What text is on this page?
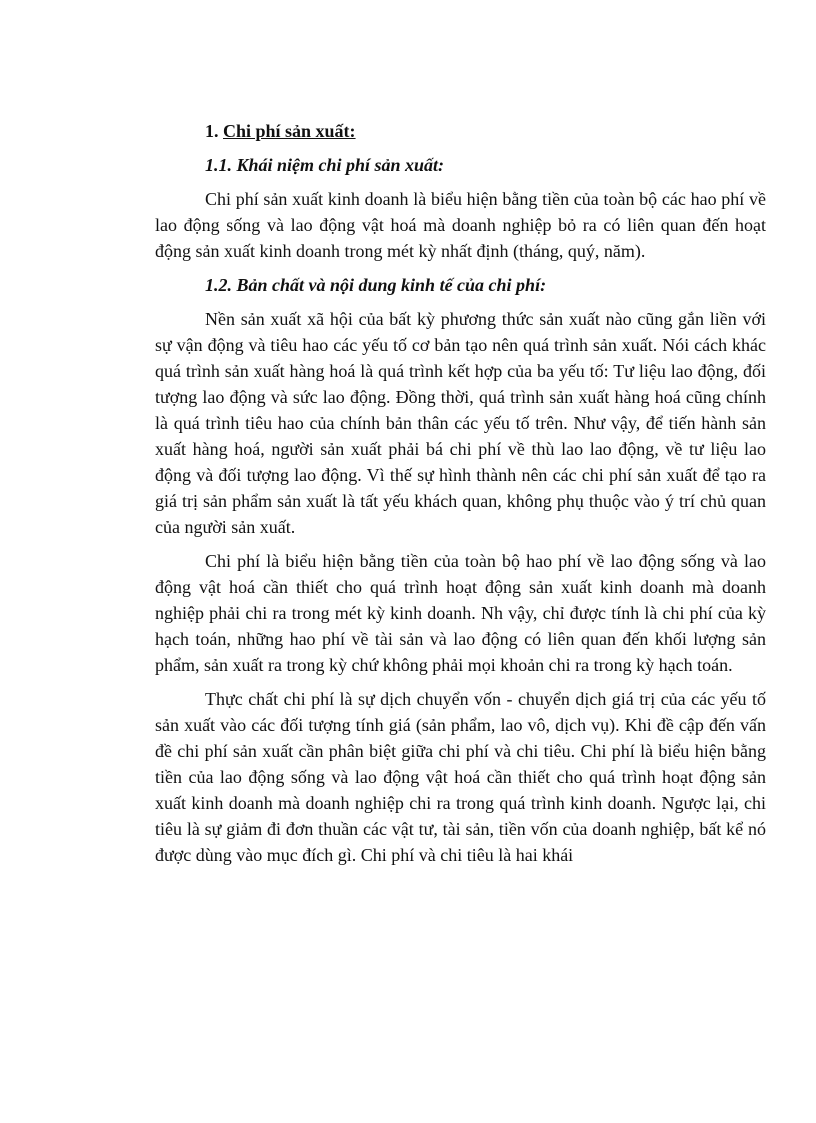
1. Chi phí sản xuất:
1.1. Khái niệm chi phí sản xuất:

Chi phí sản xuất kinh doanh là biểu hiện bằng tiền của toàn bộ các hao phí về lao động sống và lao động vật hoá mà doanh nghiệp bỏ ra có liên quan đến hoạt động sản xuất kinh doanh trong mét kỳ nhất định (tháng, quý, năm).

1.2. Bản chất và nội dung kinh tế của chi phí:

Nền sản xuất xã hội của bất kỳ phương thức sản xuất nào cũng gắn liền với sự vận động và tiêu hao các yếu tố cơ bản tạo nên quá trình sản xuất. Nói cách khác quá trình sản xuất hàng hoá là quá trình kết hợp của ba yếu tố: Tư liệu lao động, đối tượng lao động và sức lao động. Đồng thời, quá trình sản xuất hàng hoá cũng chính là quá trình tiêu hao của chính bản thân các yếu tố trên. Như vậy, để tiến hành sản xuất hàng hoá, người sản xuất phải bá chi phí về thù lao lao động, về tư liệu lao động và đối tượng lao động. Vì thế sự hình thành nên các chi phí sản xuất để tạo ra giá trị sản phẩm sản xuất là tất yếu khách quan, không phụ thuộc vào ý trí chủ quan của người sản xuất.

Chi phí là biểu hiện bằng tiền của toàn bộ hao phí về lao động sống và lao động vật hoá cần thiết cho quá trình hoạt động sản xuất kinh doanh mà doanh nghiệp phải chi ra trong mét kỳ kinh doanh. Nh vậy, chỉ được tính là chi phí của kỳ hạch toán, những hao phí về tài sản và lao động có liên quan đến khối lượng sản phẩm, sản xuất ra trong kỳ chứ không phải mọi khoản chi ra trong kỳ hạch toán.

Thực chất chi phí là sự dịch chuyển vốn - chuyển dịch giá trị của các yếu tố sản xuất vào các đối tượng tính giá (sản phẩm, lao vô, dịch vụ). Khi đề cập đến vấn đề chi phí sản xuất cần phân biệt giữa chi phí và chi tiêu. Chi phí là biểu hiện bằng tiền của lao động sống và lao động vật hoá cần thiết cho quá trình hoạt động sản xuất kinh doanh mà doanh nghiệp chi ra trong quá trình kinh doanh. Ngược lại, chi tiêu là sự giảm đi đơn thuần các vật tư, tài sản, tiền vốn của doanh nghiệp, bất kể nó được dùng vào mục đích gì. Chi phí và chi tiêu là hai khái
